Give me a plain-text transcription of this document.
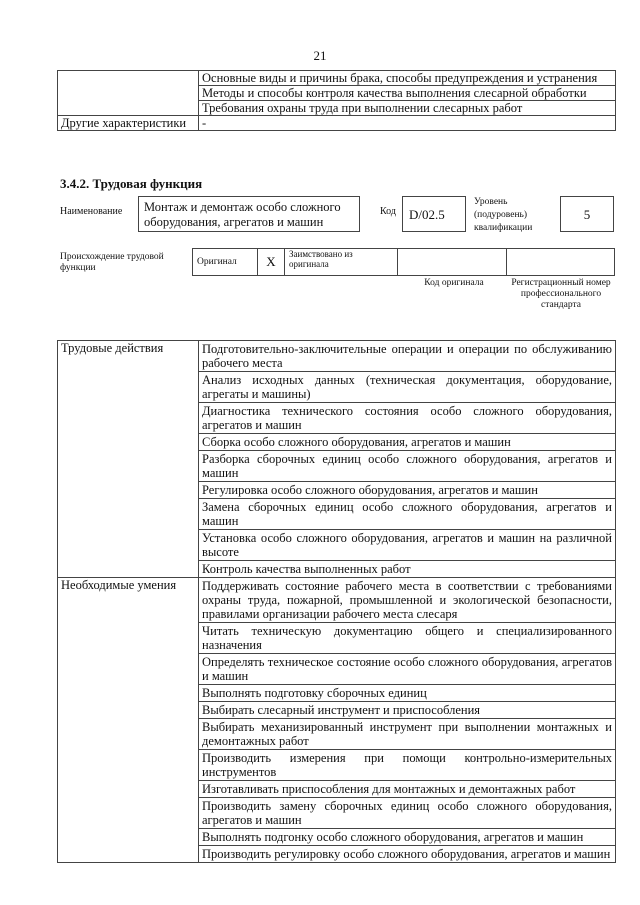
21
	Основные виды и причины брака, способы предупреждения и устранения
	Методы и способы контроля качества выполнения слесарной обработки
	Требования охраны труда при выполнении слесарных работ
Другие характеристики	-
3.4.2. Трудовая функция
Наименование	Монтаж и демонтаж особо сложного оборудования, агрегатов и машин
Код	D/02.5
Уровень (подуровень) квалификации
5
Происхождение трудовой функции
Оригинал	X	Заимствовано из оригинала		
Код оригинала	Регистрационный номер профессионального стандарта
Трудовые действия	Подготовительно-заключительные операции и операции по обслуживанию рабочего места
	Анализ исходных данных (техническая документация, оборудование, агрегаты и машины)
	Диагностика технического состояния особо сложного оборудования, агрегатов и машин
	Сборка особо сложного оборудования, агрегатов и машин
	Разборка сборочных единиц особо сложного оборудования, агрегатов и машин
	Регулировка особо сложного оборудования, агрегатов и машин
	Замена сборочных единиц особо сложного оборудования, агрегатов и машин
	Установка особо сложного оборудования, агрегатов и машин на различной высоте
	Контроль качества выполненных работ
Необходимые умения	Поддерживать состояние рабочего места в соответствии с требованиями охраны труда, пожарной, промышленной и экологической безопасности, правилами организации рабочего места слесаря
	Читать техническую документацию общего и специализированного назначения
	Определять техническое состояние особо сложного оборудования, агрегатов и машин
	Выполнять подготовку сборочных единиц
	Выбирать слесарный инструмент и приспособления
	Выбирать механизированный инструмент при выполнении монтажных и демонтажных работ
	Производить измерения при помощи контрольно-измерительных инструментов
	Изготавливать приспособления для монтажных и демонтажных работ
	Производить замену сборочных единиц особо сложного оборудования, агрегатов и машин
	Выполнять подгонку особо сложного оборудования, агрегатов и машин
	Производить регулировку особо сложного оборудования, агрегатов и машин
